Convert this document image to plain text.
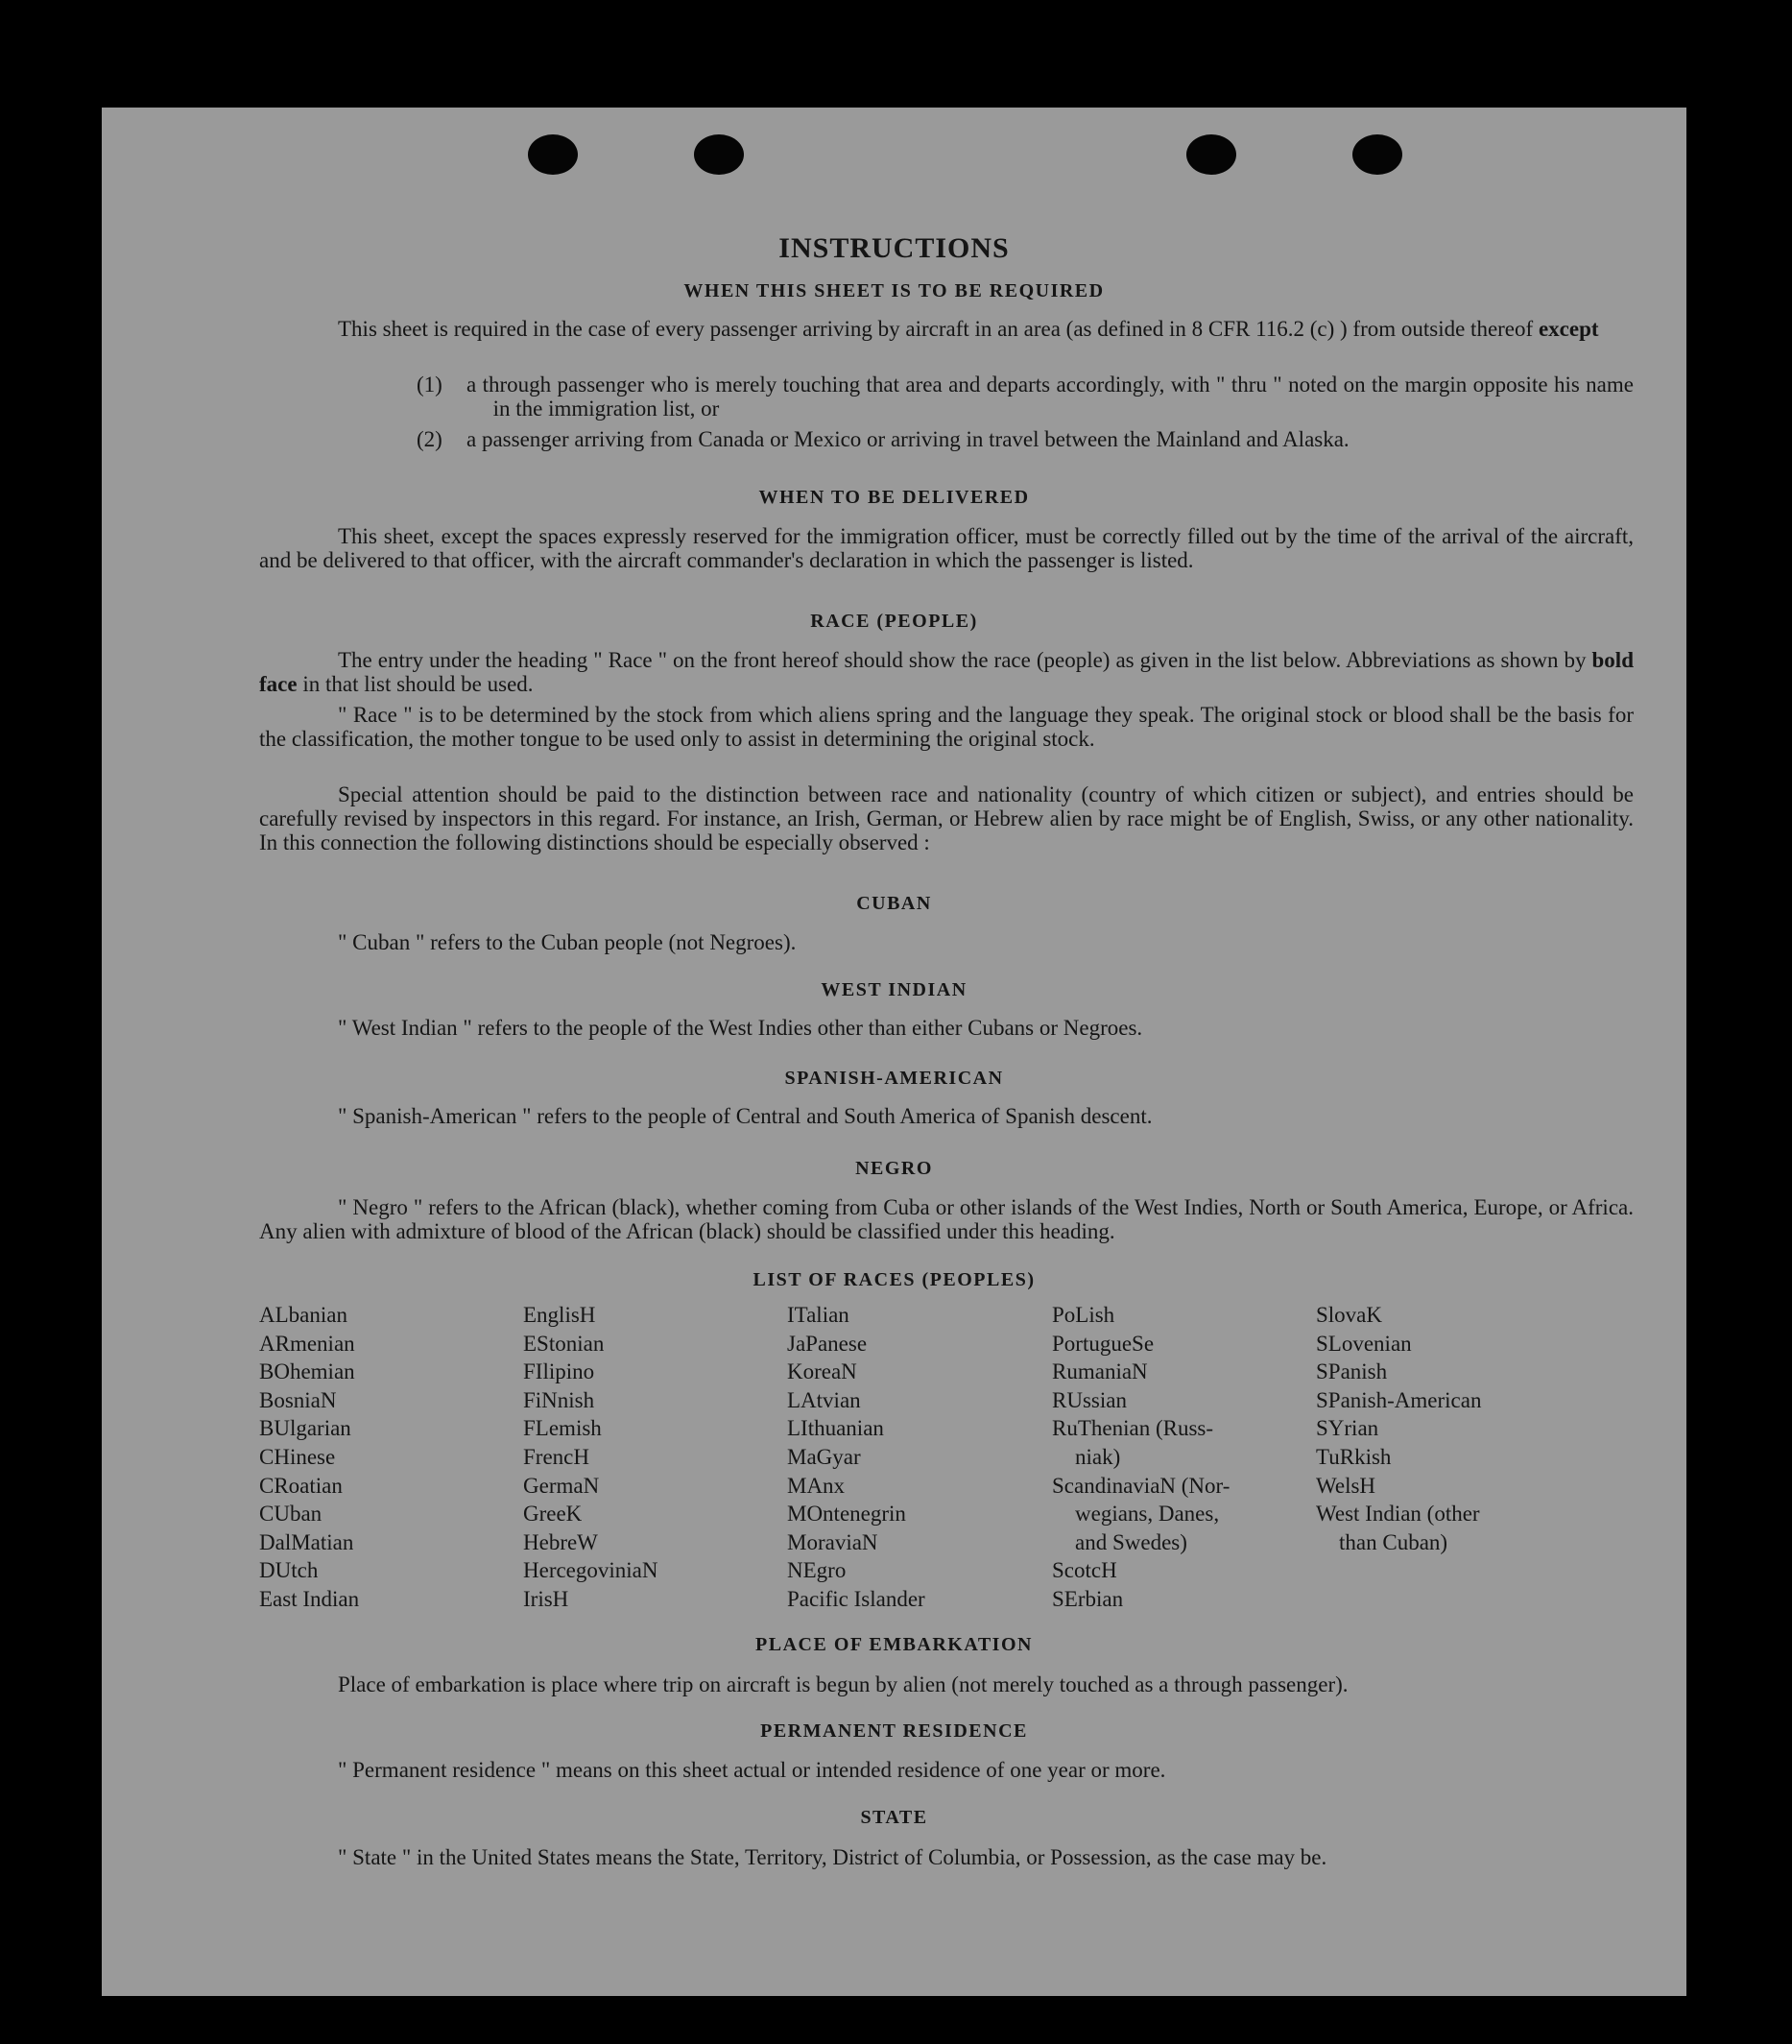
INSTRUCTIONS
WHEN THIS SHEET IS TO BE REQUIRED
This sheet is required in the case of every passenger arriving by aircraft in an area (as defined in 8 CFR 116.2 (c) ) from outside thereof except
(1) a through passenger who is merely touching that area and departs accordingly, with " thru " noted on the margin opposite his name in the immigration list, or
(2) a passenger arriving from Canada or Mexico or arriving in travel between the Mainland and Alaska.
WHEN TO BE DELIVERED
This sheet, except the spaces expressly reserved for the immigration officer, must be correctly filled out by the time of the arrival of the aircraft, and be delivered to that officer, with the aircraft commander's declaration in which the passenger is listed.
RACE (PEOPLE)
The entry under the heading " Race " on the front hereof should show the race (people) as given in the list below. Abbreviations as shown by bold face in that list should be used.
" Race " is to be determined by the stock from which aliens spring and the language they speak. The original stock or blood shall be the basis for the classification, the mother tongue to be used only to assist in determining the original stock.
Special attention should be paid to the distinction between race and nationality (country of which citizen or subject), and entries should be carefully revised by inspectors in this regard. For instance, an Irish, German, or Hebrew alien by race might be of English, Swiss, or any other nationality. In this connection the following distinctions should be especially observed :
CUBAN
" Cuban " refers to the Cuban people (not Negroes).
WEST INDIAN
" West Indian " refers to the people of the West Indies other than either Cubans or Negroes.
SPANISH-AMERICAN
" Spanish-American " refers to the people of Central and South America of Spanish descent.
NEGRO
" Negro " refers to the African (black), whether coming from Cuba or other islands of the West Indies, North or South America, Europe, or Africa. Any alien with admixture of blood of the African (black) should be classified under this heading.
LIST OF RACES (PEOPLES)
ALbanian
ARmenian
BOhemian
BosniaN
BUlgarian
CHinese
CRoatian
CUban
DalMatian
DUtch
East Indian
EnglisH
EStonian
FIlipino
FiNnish
FLemish
FrencH
GermaN
GreeK
HebreW
HercegoviniaN
IrisH
ITalian
JaPanese
KoreaN
LAtvian
LIthuanian
MaGyar
MAnx
MOntenegrin
MoraviaN
NEgro
Pacific Islander
PoLish
PortugueSe
RumaniaN
RUssian
RuThenian (Russ-
niak)
ScandinaviaN (Nor-
wegians, Danes,
and Swedes)
ScotcH
SErbian
SlovaK
SLovenian
SPanish
SPanish-American
SYrian
TuRkish
WelsH
West Indian (other
than Cuban)
PLACE OF EMBARKATION
Place of embarkation is place where trip on aircraft is begun by alien (not merely touched as a through passenger).
PERMANENT RESIDENCE
" Permanent residence " means on this sheet actual or intended residence of one year or more.
STATE
" State " in the United States means the State, Territory, District of Columbia, or Possession, as the case may be.
